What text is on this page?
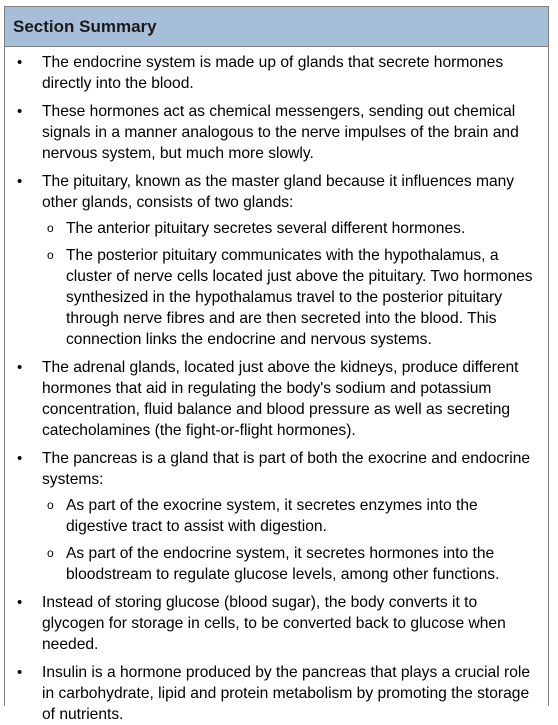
Section Summary
• The endocrine system is made up of glands that secrete hormones directly into the blood.
• These hormones act as chemical messengers, sending out chemical signals in a manner analogous to the nerve impulses of the brain and nervous system, but much more slowly.
• The pituitary, known as the master gland because it influences many other glands, consists of two glands:
o The anterior pituitary secretes several different hormones.
o The posterior pituitary communicates with the hypothalamus, a cluster of nerve cells located just above the pituitary. Two hormones synthesized in the hypothalamus travel to the posterior pituitary through nerve fibres and are then secreted into the blood. This connection links the endocrine and nervous systems.
• The adrenal glands, located just above the kidneys, produce different hormones that aid in regulating the body's sodium and potassium concentration, fluid balance and blood pressure as well as secreting catecholamines (the fight-or-flight hormones).
• The pancreas is a gland that is part of both the exocrine and endocrine systems:
o As part of the exocrine system, it secretes enzymes into the digestive tract to assist with digestion.
o As part of the endocrine system, it secretes hormones into the bloodstream to regulate glucose levels, among other functions.
• Instead of storing glucose (blood sugar), the body converts it to glycogen for storage in cells, to be converted back to glucose when needed.
• Insulin is a hormone produced by the pancreas that plays a crucial role in carbohydrate, lipid and protein metabolism by promoting the storage of nutrients.
